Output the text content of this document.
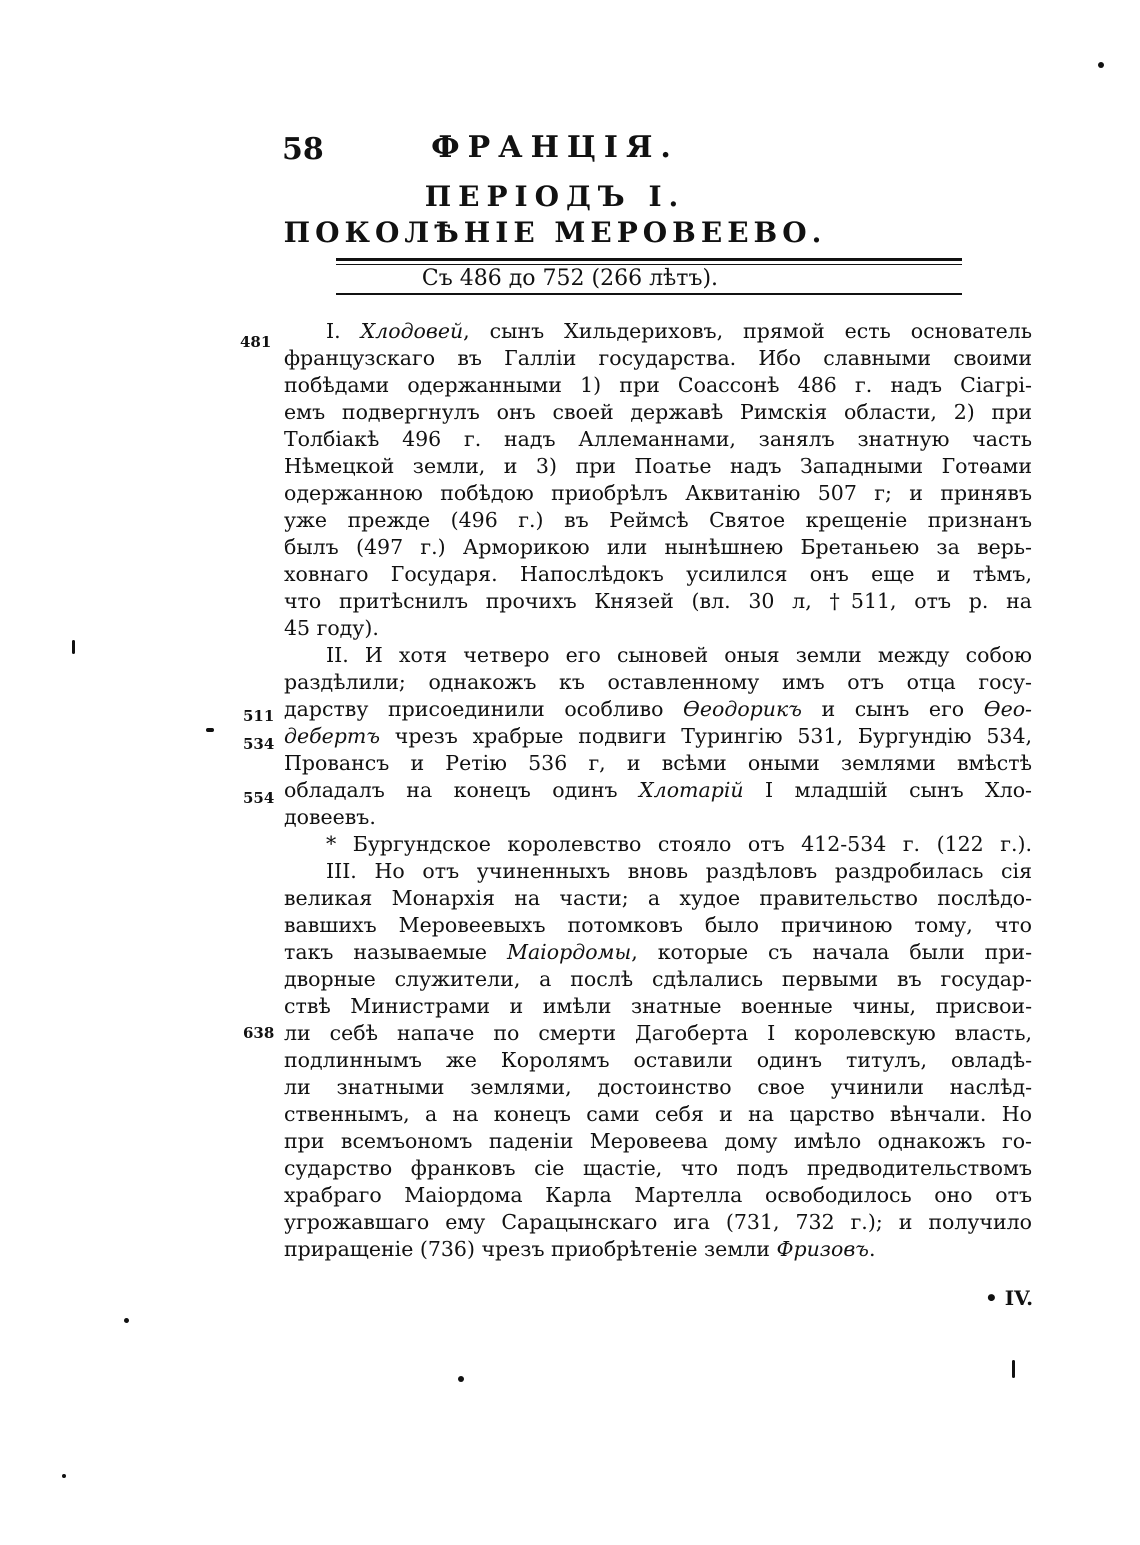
58	ФРАНЦІЯ.
ПЕРІОДЪ I.
ПОКОЛѢНІЕ МЕРОВЕЕВО.
Съ 486 до 752 (266 лѣтъ).
481
511
534
554
638
I. Хлодовей, сынъ Хильдериховъ, прямой есть основатель
французскаго въ Галліи государства. Ибо славными своими
побѣдами одержанными 1) при Соассонѣ 486 г. надъ Сіагрі-
емъ подвергнулъ онъ своей державѣ Римскія области, 2) при
Толбіакѣ 496 г. надъ Аллеманнами, занялъ знатную часть
Нѣмецкой земли, и 3) при Поатье надъ Западными Готѳами
одержанною побѣдою приобрѣлъ Аквитанію 507 г; и принявъ
уже прежде (496 г.) въ Реймсѣ Святое крещеніе признанъ
былъ (497 г.) Арморикою или нынѣшнею Бретаньею за верь-
ховнаго Государя. Напослѣдокъ усилился онъ еще и тѣмъ,
что притѣснилъ прочихъ Князей (вл. 30 л, †511, отъ р. на
45 году).
II. И хотя четверо его сыновей оныя земли между собою
раздѣлили; однакожъ къ оставленному имъ отъ отца госу-
дарству присоединили особливо Ѳеодорикъ и сынъ его Ѳео-
дебертъ чрезъ храбрые подвиги Турингію 531, Бургундію 534,
Провансъ и Ретію 536 г, и всѣми оными землями вмѣстѣ
обладалъ на конецъ одинъ Хлотарій I младшій сынъ Хло-
довеевъ.
* Бургундское королевство стояло отъ 412-534 г. (122 г.).
III. Но отъ учиненныхъ вновь раздѣловъ раздробилась сія
великая Монархія на части; а худое правительство послѣдо-
вавшихъ Меровеевыхъ потомковъ было причиною тому, что
такъ называемые Маіордомы, которые съ начала были при-
дворные служители, а послѣ сдѣлались первыми въ государ-
ствѣ Министрами и имѣли знатные военные чины, присвои-
ли себѣ напаче по смерти Дагоберта I королевскую власть,
подлиннымъ же Королямъ оставили одинъ титулъ, овладѣ-
ли знатными землями, достоинство свое учинили наслѣд-
ственнымъ, а на конецъ сами себя и на царство вѣнчали. Но
при всемъономъ паденіи Меровеева дому имѣло однакожъ го-
сударство франковъ сіе щастіе, что подъ предводительствомъ
храбраго Маіордома Карла Мартелла освободилось оно отъ
угрожавшаго ему Сарацынскаго ига (731, 732 г.); и получило
приращеніе (736) чрезъ приобрѣтеніе земли Фризовъ.
• IV.
